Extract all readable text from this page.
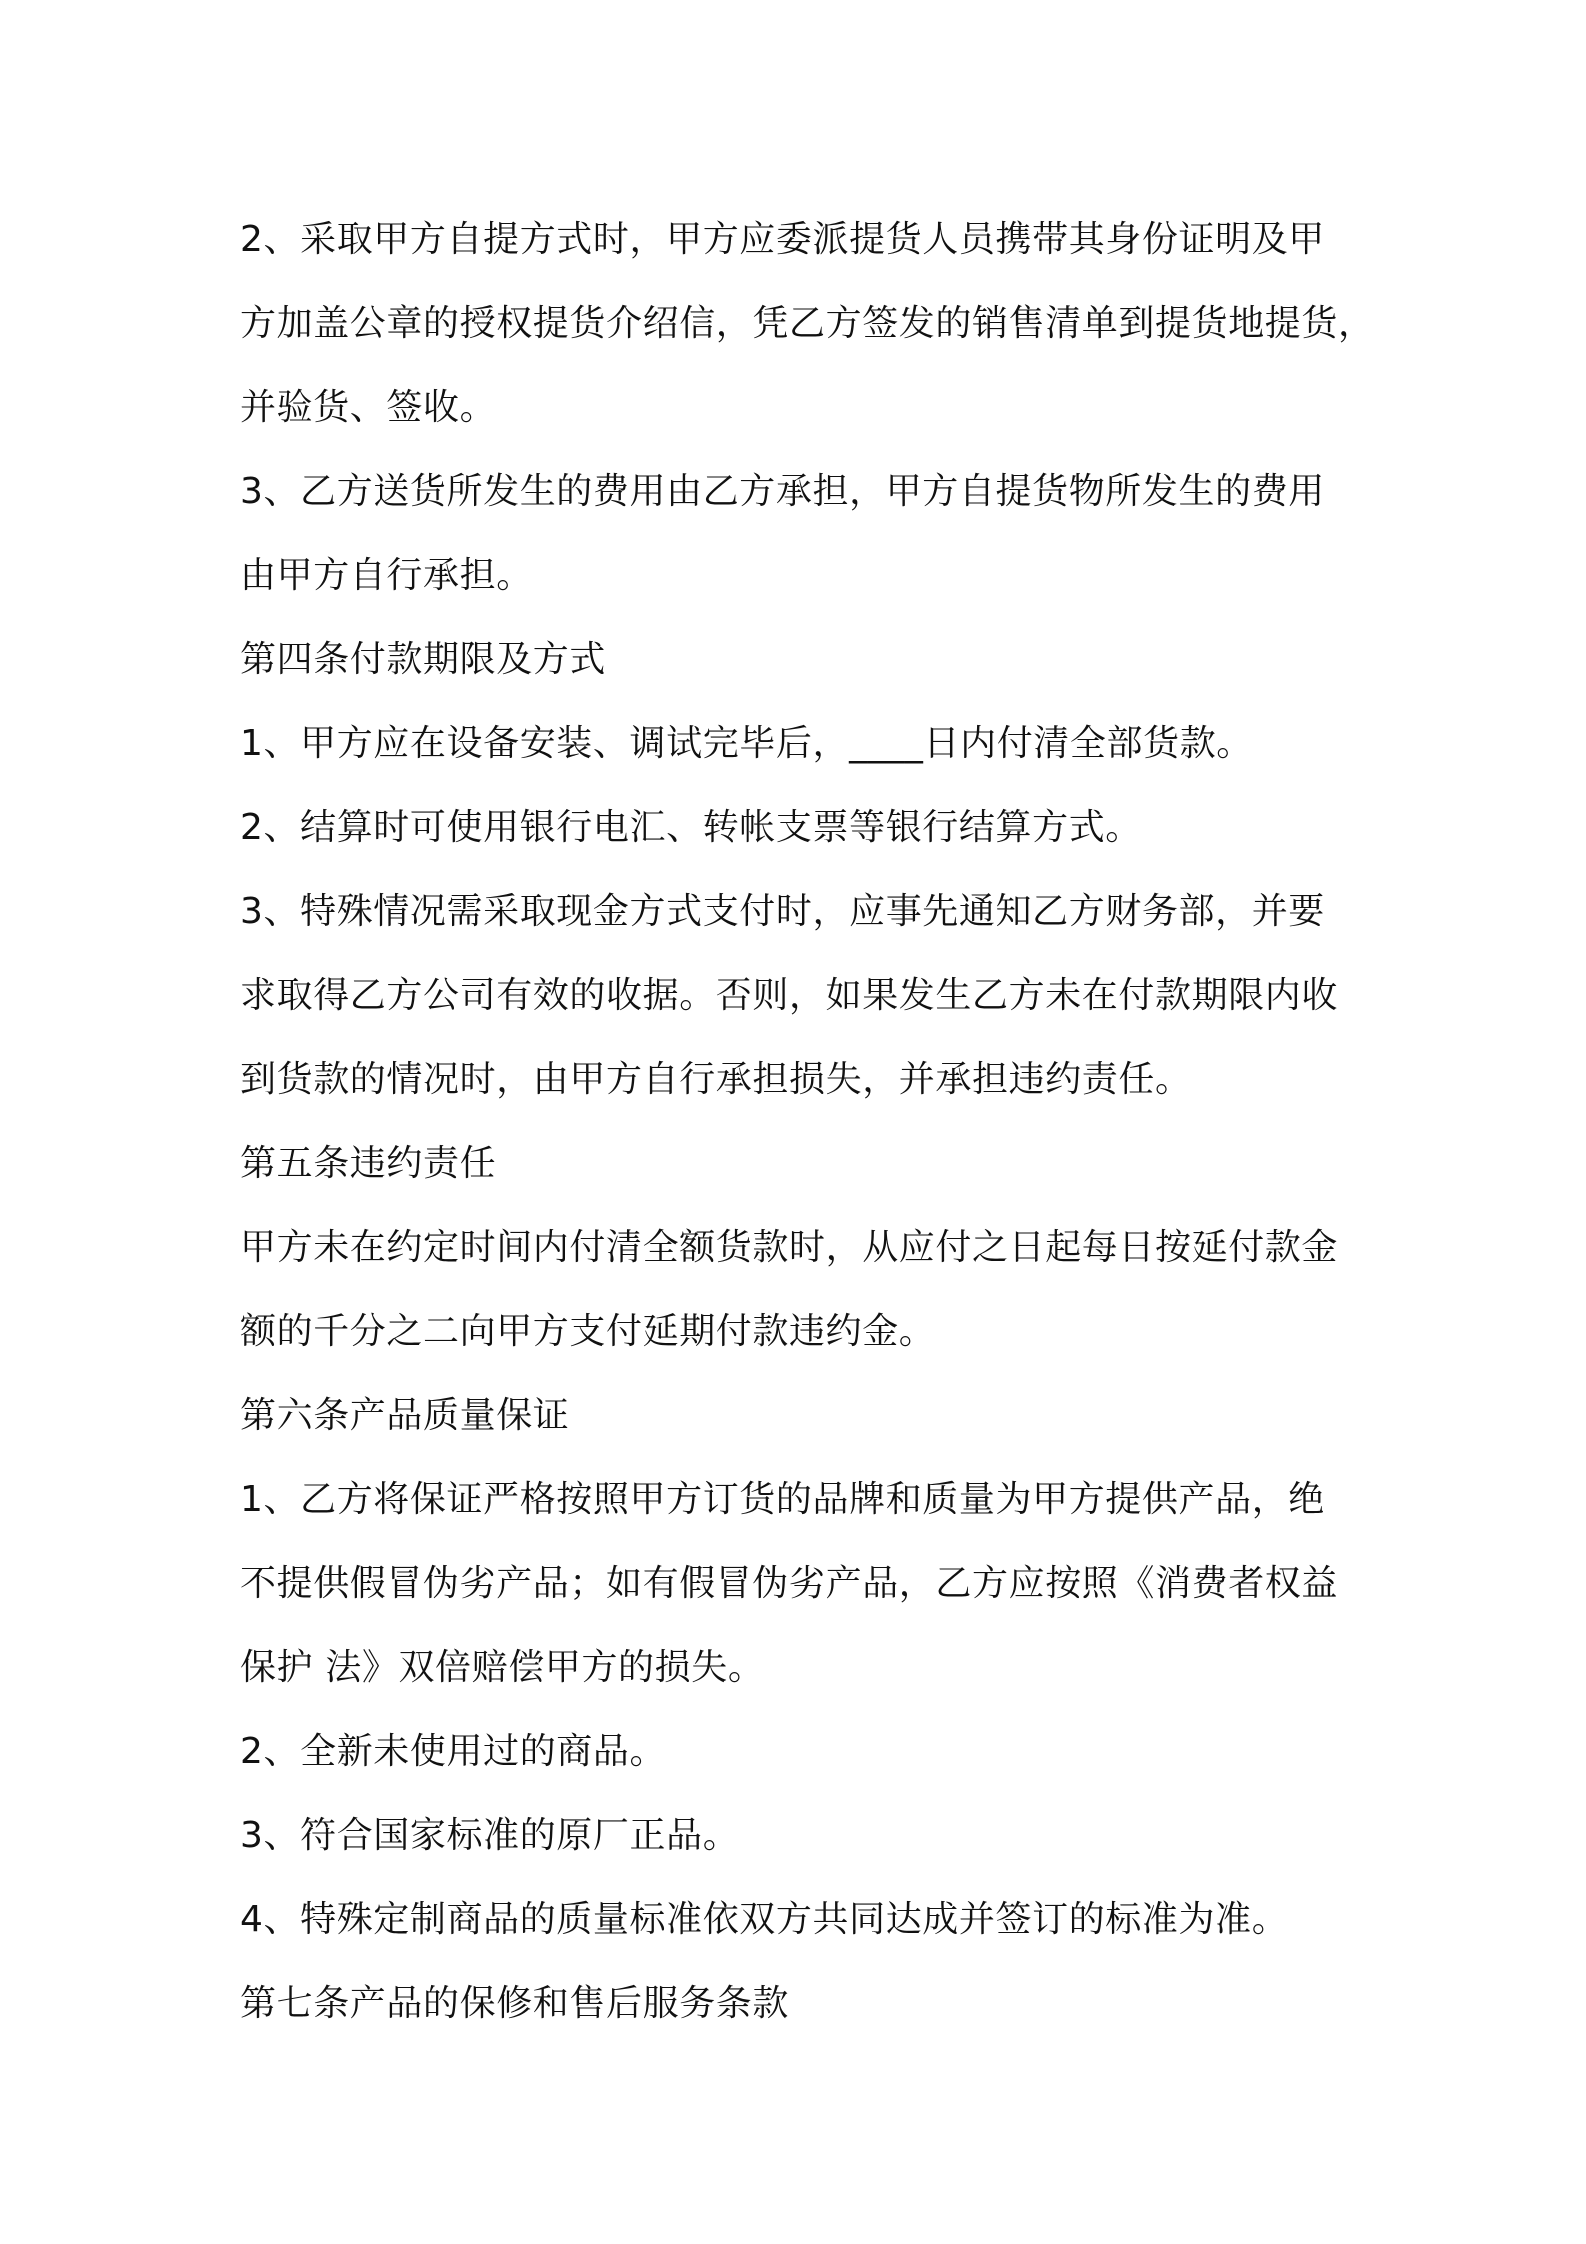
2、采取甲方自提方式时，甲方应委派提货人员携带其身份证明及甲
方加盖公章的授权提货介绍信，凭乙方签发的销售清单到提货地提货，
并验货、签收。
3、乙方送货所发生的费用由乙方承担，甲方自提货物所发生的费用
由甲方自行承担。
第四条付款期限及方式
1、甲方应在设备安装、调试完毕后，____日内付清全部货款。
2、结算时可使用银行电汇、转帐支票等银行结算方式。
3、特殊情况需采取现金方式支付时，应事先通知乙方财务部，并要
求取得乙方公司有效的收据。否则，如果发生乙方未在付款期限内收
到货款的情况时，由甲方自行承担损失，并承担违约责任。
第五条违约责任
甲方未在约定时间内付清全额货款时，从应付之日起每日按延付款金
额的千分之二向甲方支付延期付款违约金。
第六条产品质量保证
1、乙方将保证严格按照甲方订货的品牌和质量为甲方提供产品，绝
不提供假冒伪劣产品；如有假冒伪劣产品，乙方应按照《消费者权益
保护 法》双倍赔偿甲方的损失。
2、全新未使用过的商品。
3、符合国家标准的原厂正品。
4、特殊定制商品的质量标准依双方共同达成并签订的标准为准。
第七条产品的保修和售后服务条款
